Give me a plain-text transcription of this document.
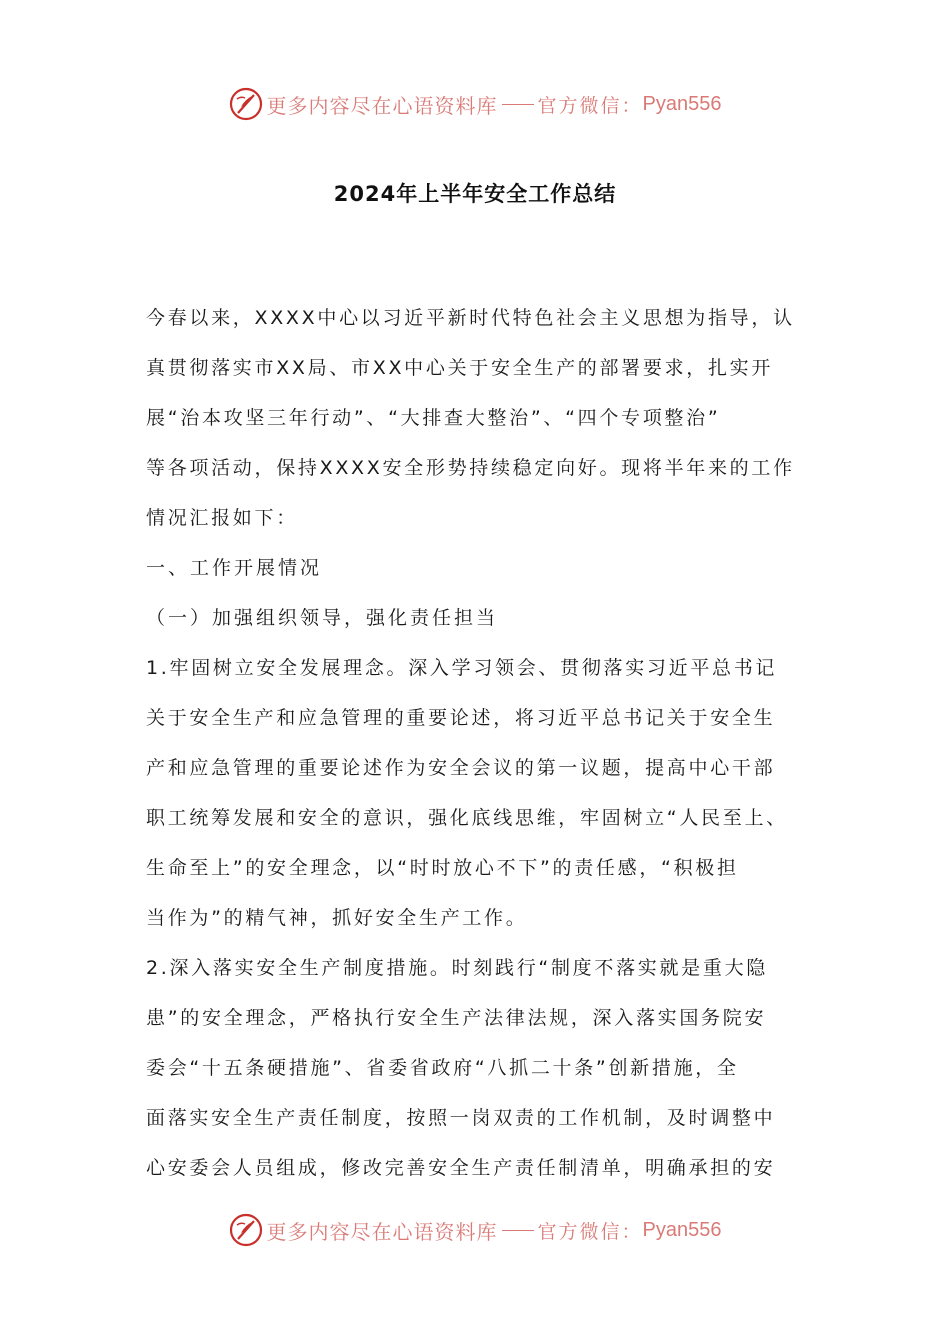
更多内容尽在心语资料库 官方微信： Pyan556
2024年上半年安全工作总结
今春以来，XXXX中心以习近平新时代特色社会主义思想为指导，认
真贯彻落实市XX局、市XX中心关于安全生产的部署要求，扎实开
展“治本攻坚三年行动”、“大排查大整治”、“四个专项整治”
等各项活动，保持XXXX安全形势持续稳定向好。现将半年来的工作
情况汇报如下：
一、工作开展情况
（一）加强组织领导，强化责任担当
1.牢固树立安全发展理念。深入学习领会、贯彻落实习近平总书记
关于安全生产和应急管理的重要论述，将习近平总书记关于安全生
产和应急管理的重要论述作为安全会议的第一议题，提高中心干部
职工统筹发展和安全的意识，强化底线思维，牢固树立“人民至上、
生命至上”的安全理念，以“时时放心不下”的责任感，“积极担
当作为”的精气神，抓好安全生产工作。
2.深入落实安全生产制度措施。时刻践行“制度不落实就是重大隐
患”的安全理念，严格执行安全生产法律法规，深入落实国务院安
委会“十五条硬措施”、省委省政府“八抓二十条”创新措施，全
面落实安全生产责任制度，按照一岗双责的工作机制，及时调整中
心安委会人员组成，修改完善安全生产责任制清单，明确承担的安
更多内容尽在心语资料库 官方微信： Pyan556
